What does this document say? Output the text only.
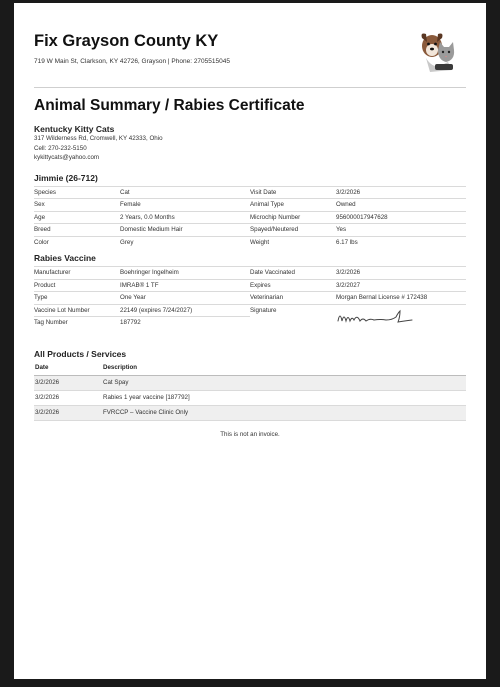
Fix Grayson County KY
719 W Main St, Clarkson, KY 42726, Grayson | Phone: 2705515045
Animal Summary / Rabies Certificate
Kentucky Kitty Cats
317 Wilderness Rd, Cromwell, KY 42333, Ohio
Cell: 270-232-5150
kykittycats@yahoo.com
Jimmie (26-712)
Species	Cat	Visit Date	3/2/2026
Sex	Female	Animal Type	Owned
Age	2 Years, 0.0 Months	Microchip Number	956000017947628
Breed	Domestic Medium Hair	Spayed/Neutered	Yes
Color	Grey	Weight	6.17 lbs
Rabies Vaccine
Manufacturer	Boehringer Ingelheim	Date Vaccinated	3/2/2026
Product	IMRAB® 1 TF	Expires	3/2/2027
Type	One Year	Veterinarian	Morgan Bernal License # 172438
Vaccine Lot Number	22149 (expires 7/24/2027)	Signature	

Tag Number	187792		
All Products / Services
Date	Description
3/2/2026	Cat Spay
3/2/2026	Rabies 1 year vaccine [187792]
3/2/2026	FVRCCP – Vaccine Clinic Only
This is not an invoice.
